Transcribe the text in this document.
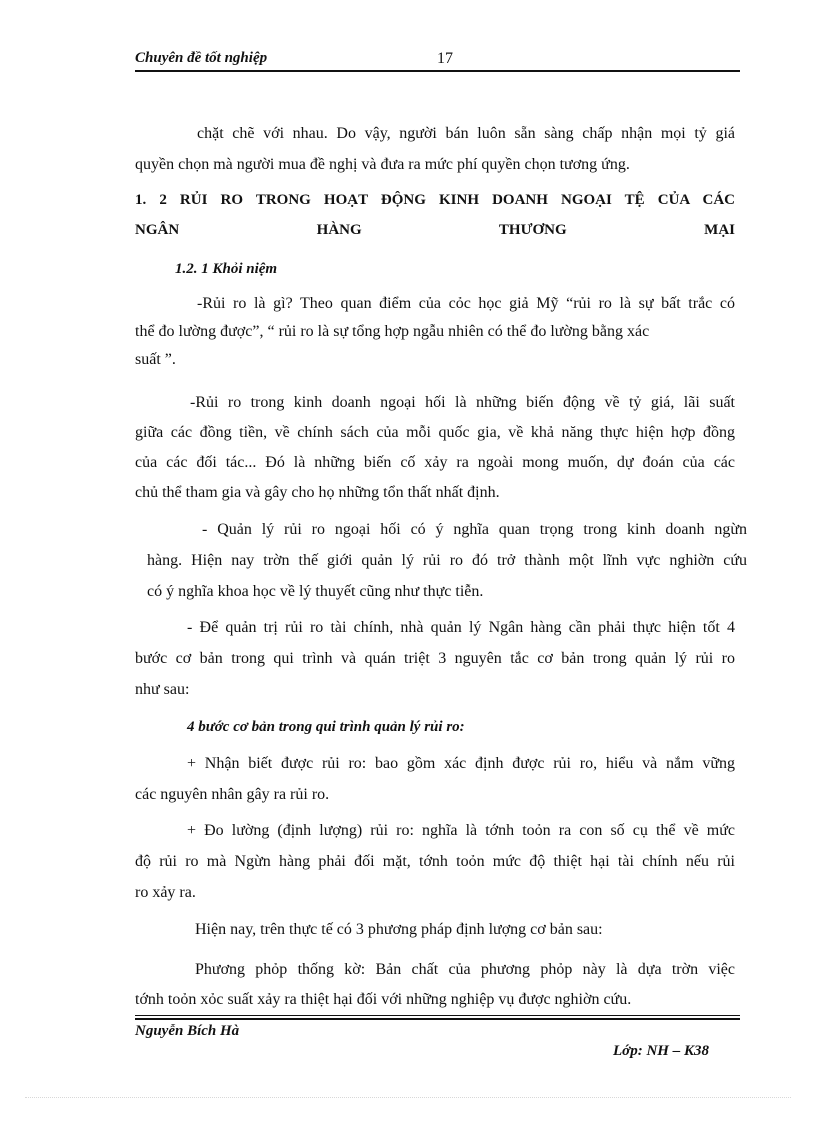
Chuyên đề tốt nghiệp	17
chặt chẽ với nhau. Do vậy, người bán luôn sẵn sàng chấp nhận mọi tỷ giá
quyền chọn mà người mua đề nghị và đưa ra mức phí quyền chọn tương ứng.
1. 2 RỦI RO TRONG HOẠT ĐỘNG KINH DOANH NGOẠI TỆ CỦA CÁC
NGÂN HÀNG THƯƠNG MẠI
1.2. 1 Khỏi niệm
-Rủi ro là gì? Theo quan điểm của cỏc học giả Mỹ “rủi ro là sự bất trắc có
thể đo lường được”, “ rủi ro là sự tổng hợp ngẫu nhiên có thể đo lường bằng xác
suất ”.
-Rủi ro trong kinh doanh ngoại hối là những biến động về tỷ giá, lãi suất
giữa các đồng tiền, về chính sách của mỗi quốc gia, về khả năng thực hiện hợp đồng
của các đối tác... Đó là những biến cố xảy ra ngoài mong muốn, dự đoán của các
chủ thể tham gia và gây cho họ những tổn thất nhất định.
- Quản lý rủi ro ngoại hối có ý nghĩa quan trọng trong kinh doanh ngừn
hàng. Hiện nay trờn thế giới quản lý rủi ro đó trở thành một lĩnh vực nghiờn cứu
có ý nghĩa khoa học về lý thuyết cũng như thực tiễn.
- Để quản trị rủi ro tài chính, nhà quản lý Ngân hàng cần phải thực hiện tốt 4
bước cơ bản trong qui trình và quán triệt 3 nguyên tắc cơ bản trong quản lý rủi ro
như sau:
4 bước cơ bản trong qui trình quản lý rủi ro:
+ Nhận biết được rủi ro: bao gồm xác định được rủi ro, hiểu và nắm vững
các nguyên nhân gây ra rủi ro.
+ Đo lường (định lượng) rủi ro: nghĩa là tớnh toỏn ra con số cụ thể về mức
độ rủi ro mà Ngừn hàng phải đối mặt, tớnh toỏn mức độ thiệt hại tài chính nếu rủi
ro xảy ra.
Hiện nay, trên thực tế có 3 phương pháp định lượng cơ bản sau:
Phương phỏp thống kờ: Bản chất của phương phỏp này là dựa trờn việc
tớnh toỏn xỏc suất xảy ra thiệt hại đối với những nghiệp vụ được nghiờn cứu.
Nguyễn Bích Hà
Lớp: NH – K38
